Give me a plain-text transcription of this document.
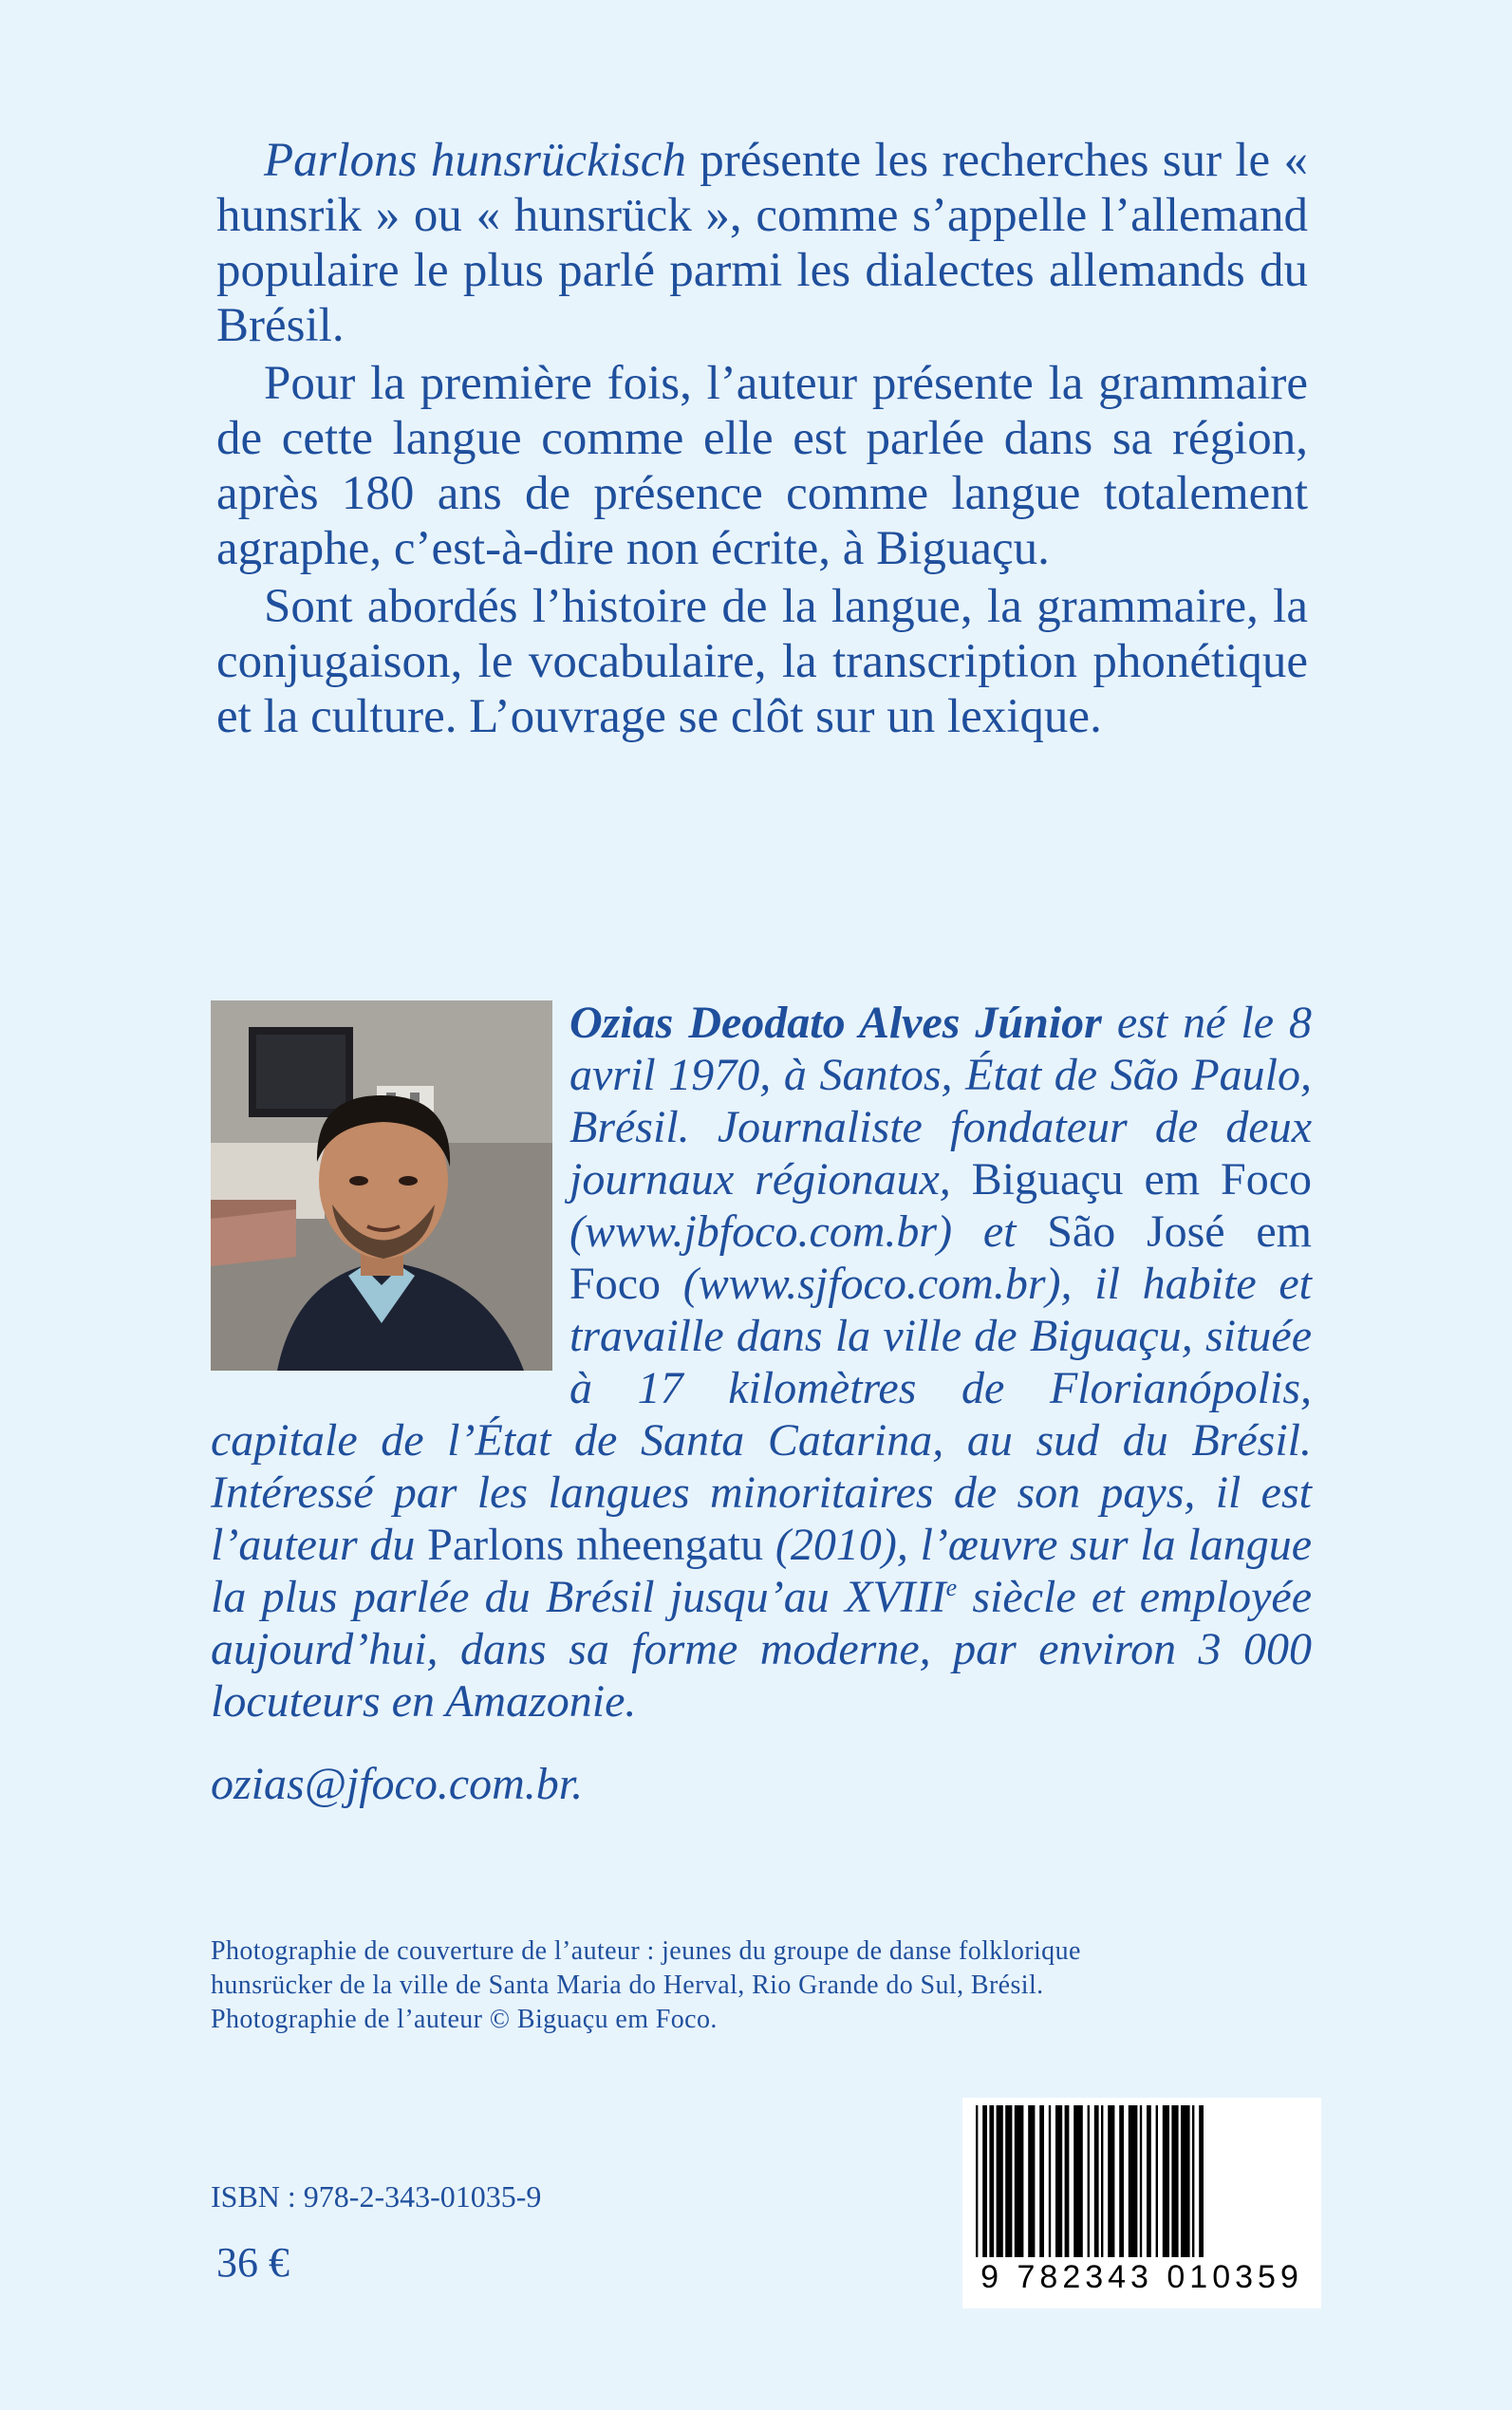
Parlons hunsrückisch présente les recherches sur le « hunsrik » ou « hunsrück », comme s’appelle l’allemand populaire le plus parlé parmi les dialectes allemands du Brésil.

Pour la première fois, l’auteur présente la grammaire de cette langue comme elle est parlée dans sa région, après 180 ans de présence comme langue totalement agraphe, c’est-à-dire non écrite, à Biguaçu.

Sont abordés l’histoire de la langue, la grammaire, la conjugaison, le vocabulaire, la transcription phonétique et la culture. L’ouvrage se clôt sur un lexique.

Ozias Deodato Alves Júnior est né le 8 avril 1970, à Santos, État de São Paulo, Brésil. Journaliste fondateur de deux journaux régionaux, Biguaçu em Foco (www.jbfoco.com.br) et São José em Foco (www.sjfoco.com.br), il habite et travaille dans la ville de Biguaçu, située à 17 kilomètres de Florianópolis, capitale de l’État de Santa Catarina, au sud du Brésil. Intéressé par les langues minoritaires de son pays, il est l’auteur du Parlons nheengatu (2010), l’œuvre sur la langue la plus parlée du Brésil jusqu’au XVIIIe siècle et employée aujourd’hui, dans sa forme moderne, par environ 3 000 locuteurs en Amazonie.
ozias@jfoco.com.br.
Photographie de couverture de l’auteur : jeunes du groupe de danse folklorique
hunsrücker de la ville de Santa Maria do Herval, Rio Grande do Sul, Brésil.
Photographie de l’auteur © Biguaçu em Foco.
ISBN : 978-2-343-01035-9
36 €	9 782343 010359
